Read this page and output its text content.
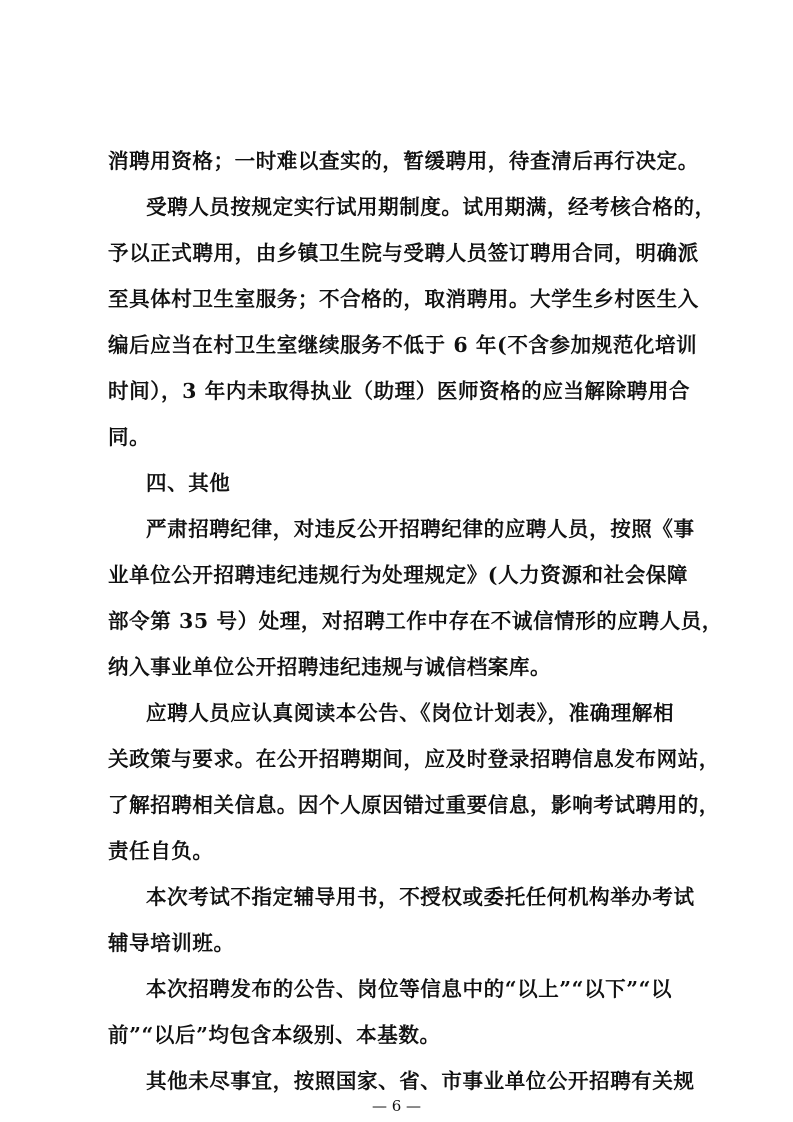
消聘用资格；一时难以查实的，暂缓聘用，待查清后再行决定。
受聘人员按规定实行试用期制度。试用期满，经考核合格的，
予以正式聘用，由乡镇卫生院与受聘人员签订聘用合同，明确派
至具体村卫生室服务；不合格的，取消聘用。大学生乡村医生入
编后应当在村卫生室继续服务不低于 6 年(不含参加规范化培训
时间），3 年内未取得执业（助理）医师资格的应当解除聘用合
同。
四、其他
严肃招聘纪律，对违反公开招聘纪律的应聘人员，按照《事
业单位公开招聘违纪违规行为处理规定》(人力资源和社会保障
部令第 35 号）处理，对招聘工作中存在不诚信情形的应聘人员，
纳入事业单位公开招聘违纪违规与诚信档案库。
应聘人员应认真阅读本公告、《岗位计划表》，准确理解相
关政策与要求。在公开招聘期间，应及时登录招聘信息发布网站，
了解招聘相关信息。因个人原因错过重要信息，影响考试聘用的，
责任自负。
本次考试不指定辅导用书，不授权或委托任何机构举办考试
辅导培训班。
本次招聘发布的公告、岗位等信息中的“以上”“以下”“以
前”“以后”均包含本级别、本基数。
其他未尽事宜，按照国家、省、市事业单位公开招聘有关规
— 6 —
